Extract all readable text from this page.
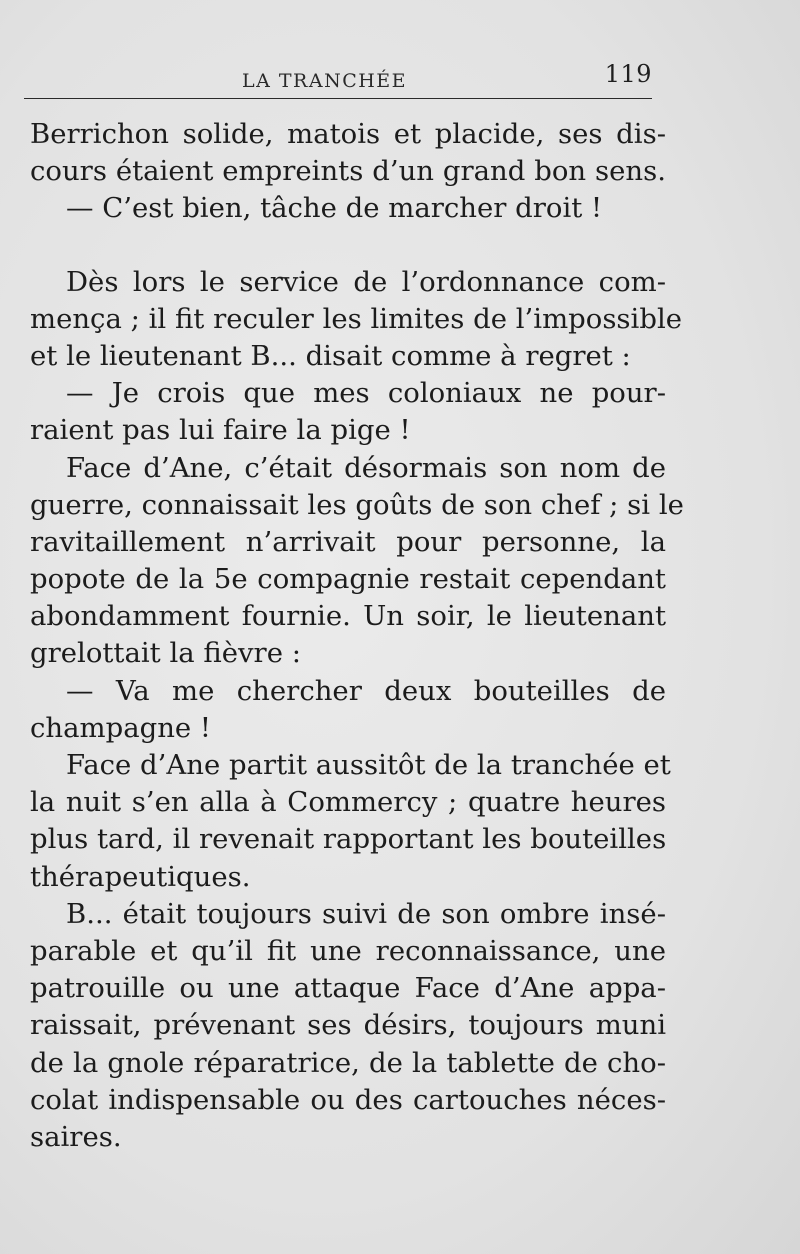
LA TRANCHÉE	119
Berrichon solide, matois et placide, ses dis-
cours étaient empreints d’un grand bon sens.
— C’est bien, tâche de marcher droit !
Dès lors le service de l’ordonnance com-
mença ; il fit reculer les limites de l’impossible
et le lieutenant B... disait comme à regret :
— Je crois que mes coloniaux ne pour-
raient pas lui faire la pige !
Face d’Ane, c’était désormais son nom de
guerre, connaissait les goûts de son chef ; si le
ravitaillement n’arrivait pour personne, la
popote de la 5e compagnie restait cependant
abondamment fournie. Un soir, le lieutenant
grelottait la fièvre :
— Va me chercher deux bouteilles de
champagne !
Face d’Ane partit aussitôt de la tranchée et
la nuit s’en alla à Commercy ; quatre heures
plus tard, il revenait rapportant les bouteilles
thérapeutiques.
B... était toujours suivi de son ombre insé-
parable et qu’il fit une reconnaissance, une
patrouille ou une attaque Face d’Ane appa-
raissait, prévenant ses désirs, toujours muni
de la gnole réparatrice, de la tablette de cho-
colat indispensable ou des cartouches néces-
saires.
